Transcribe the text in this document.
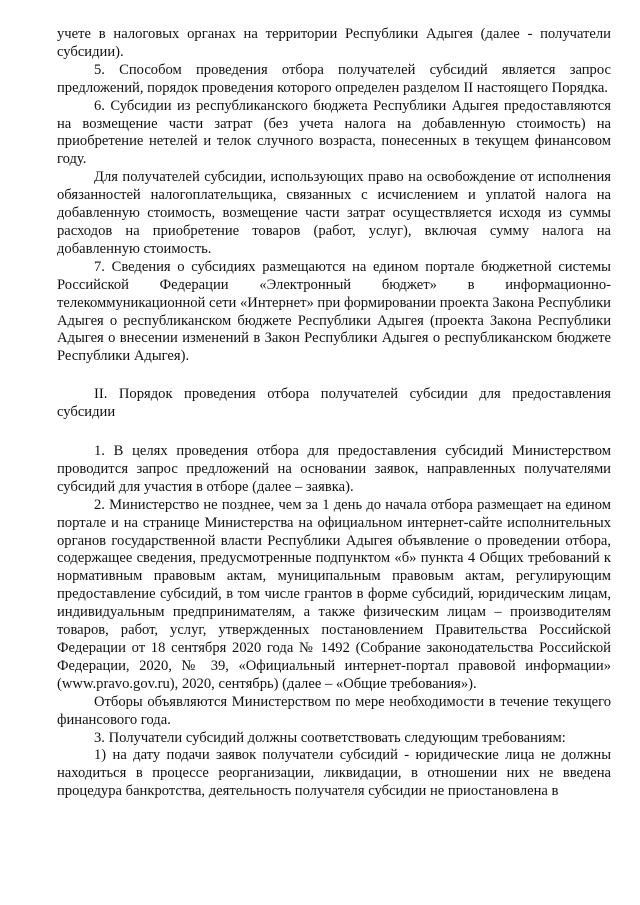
учете в налоговых органах на территории Республики Адыгея (далее - получатели субсидии).

5. Способом проведения отбора получателей субсидий является запрос предложений, порядок проведения которого определен разделом II настоящего Порядка.

6. Субсидии из республиканского бюджета Республики Адыгея предоставляются на возмещение части затрат (без учета налога на добавленную стоимость) на приобретение нетелей и телок случного возраста, понесенных в текущем финансовом году.

Для получателей субсидии, использующих право на освобождение от исполнения обязанностей налогоплательщика, связанных с исчислением и уплатой налога на добавленную стоимость, возмещение части затрат осуществляется исходя из суммы расходов на приобретение товаров (работ, услуг), включая сумму налога на добавленную стоимость.

7. Сведения о субсидиях размещаются на едином портале бюджетной системы Российской Федерации «Электронный бюджет» в информационно-телекоммуникационной сети «Интернет» при формировании проекта Закона Республики Адыгея о республиканском бюджете Республики Адыгея (проекта Закона Республики Адыгея о внесении изменений в Закон Республики Адыгея о республиканском бюджете Республики Адыгея).

II. Порядок проведения отбора получателей субсидии для предоставления субсидии

1. В целях проведения отбора для предоставления субсидий Министерством проводится запрос предложений на основании заявок, направленных получателями субсидий для участия в отборе (далее – заявка).

2. Министерство не позднее, чем за 1 день до начала отбора размещает на едином портале и на странице Министерства на официальном интернет-сайте исполнительных органов государственной власти Республики Адыгея объявление о проведении отбора, содержащее сведения, предусмотренные подпунктом «б» пункта 4 Общих требований к нормативным правовым актам, муниципальным правовым актам, регулирующим предоставление субсидий, в том числе грантов в форме субсидий, юридическим лицам, индивидуальным предпринимателям, а также физическим лицам – производителям товаров, работ, услуг, утвержденных постановлением Правительства Российской Федерации от 18 сентября 2020 года № 1492 (Собрание законодательства Российской Федерации, 2020, № 39, «Официальный интернет-портал правовой информации» (www.pravo.gov.ru), 2020, сентябрь) (далее – «Общие требования»).

Отборы объявляются Министерством по мере необходимости в течение текущего финансового года.

3. Получатели субсидий должны соответствовать следующим требованиям:

1) на дату подачи заявок получатели субсидий - юридические лица не должны находиться в процессе реорганизации, ликвидации, в отношении них не введена процедура банкротства, деятельность получателя субсидии не приостановлена в
